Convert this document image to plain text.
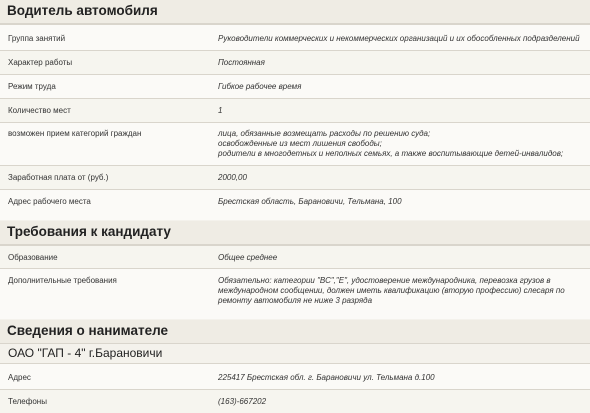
Водитель автомобиля
Группа занятий	Руководители коммерческих и некоммерческих организаций и их обособленных подразделений
Характер работы	Постоянная
Режим труда	Гибкое рабочее время
Количество мест	1
возможен прием категорий граждан	лица, обязанные возмещать расходы по решению суда;
освобожденные из мест лишения свободы;
родители в многодетных и неполных семьях, а также воспитывающие детей-инвалидов;
Заработная плата от (руб.)	2000,00
Адрес рабочего места	Брестская область, Барановичи, Тельмана, 100
Требования к кандидату
Образование	Общее среднее
Дополнительные требования	Обязательно: категории "ВС","Е", удостоверение международника, перевозка грузов в
международном сообщении, должен иметь квалификацию (вторую профессию) слесаря по
ремонту автомобиля не ниже 3 разряда
Сведения о нанимателе
ОАО "ГАП - 4" г.Барановичи
Адрес	225417 Брестская обл. г. Барановичи ул. Тельмана д.100
Телефоны	(163)-667202
